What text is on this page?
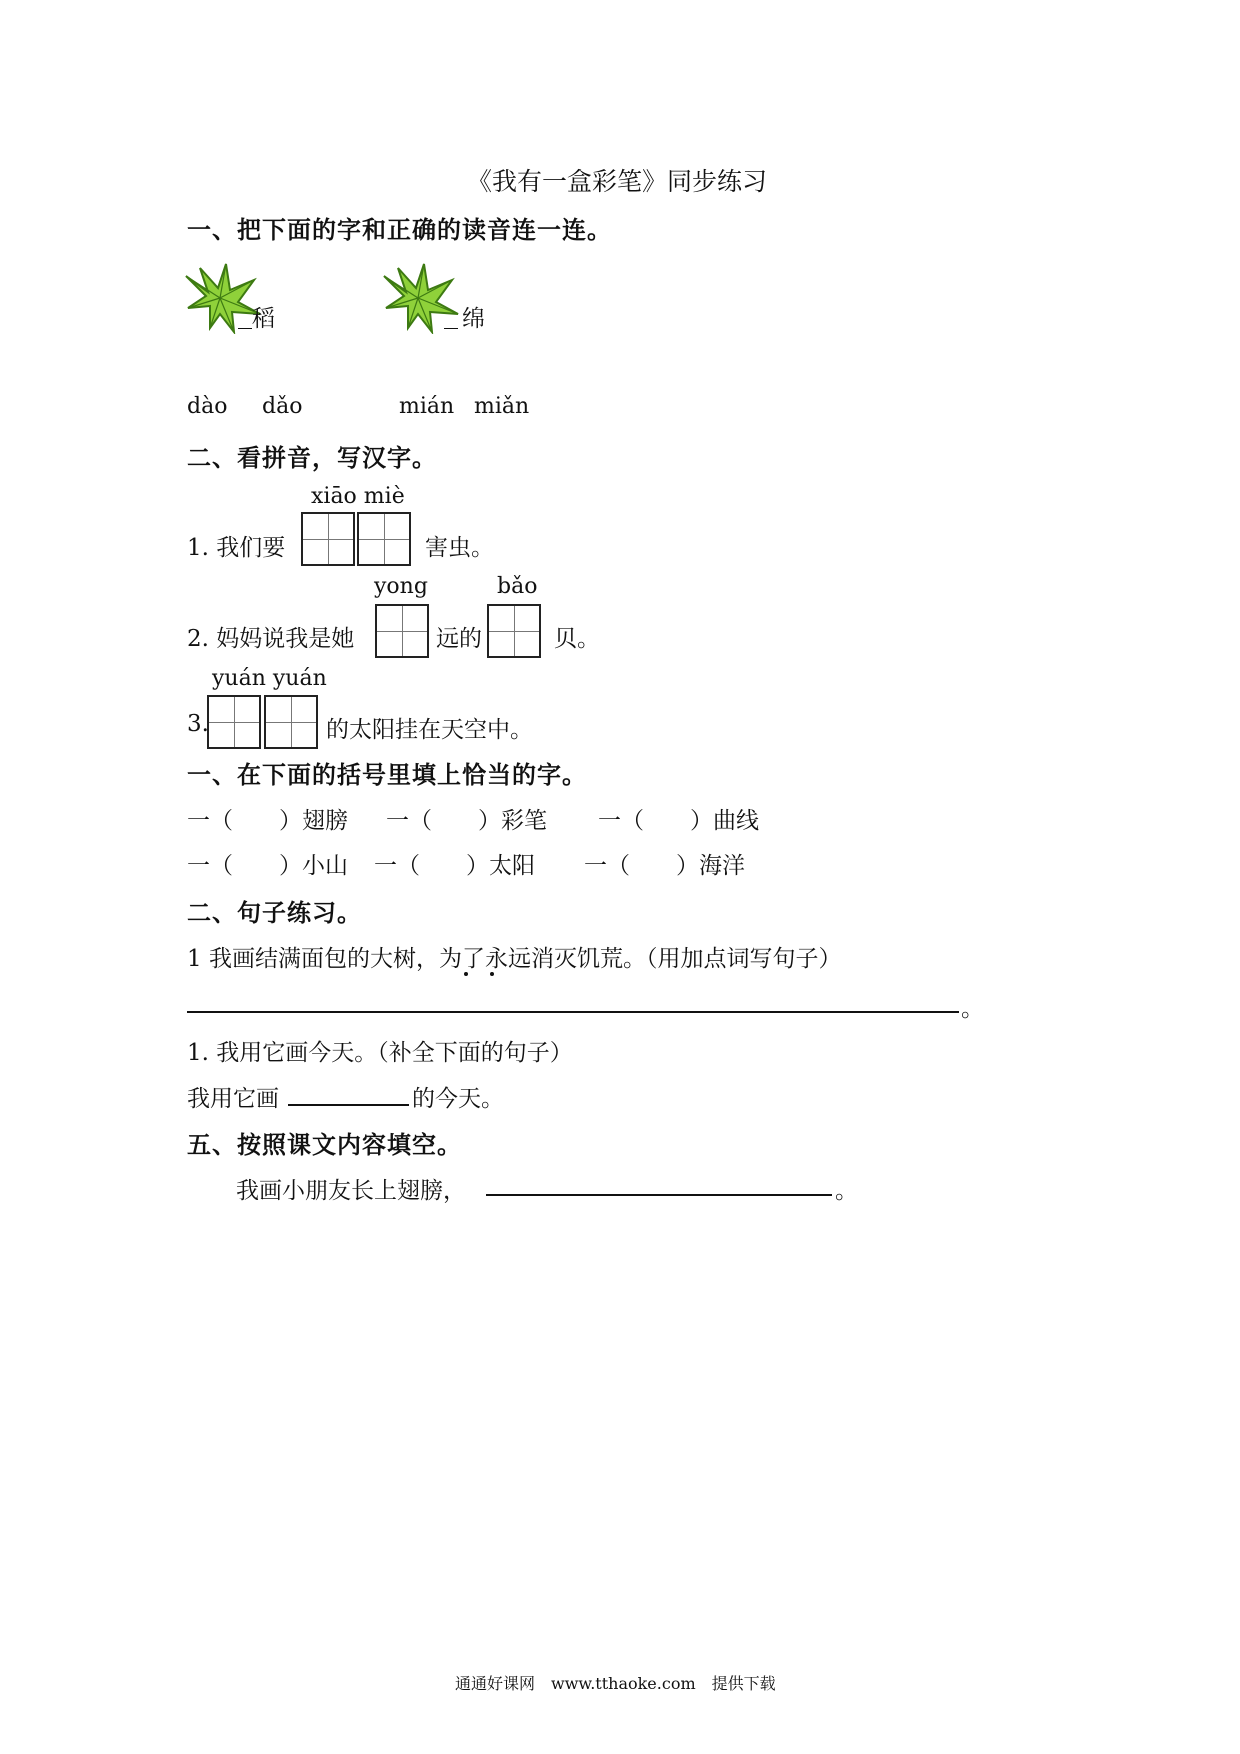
《我有一盒彩笔》同步练习
一、把下面的字和正确的读音连一连。
稻	绵
dào dǎo	mián miǎn
二、看拼音，写汉字。
xiāo miè
1. 我们要	害虫。
yong	bǎo
2. 妈妈说我是她	远的	贝。
yuán yuán
3.	的太阳挂在天空中。
一、在下面的括号里填上恰当的字。
一（　　）翅膀 一（　　）彩笔 一（　　）曲线
一（　　）小山 一（　　）太阳 一（　　）海洋
二、句子练习。
1 我画结满面包的大树，为了永远消灭饥荒。（用加点词写句子）
。
1. 我用它画今天。（补全下面的句子）
我用它画	的今天。
五、按照课文内容填空。
我画小朋友长上翅膀，	。
通通好课网　www.tthaoke.com　提供下载
